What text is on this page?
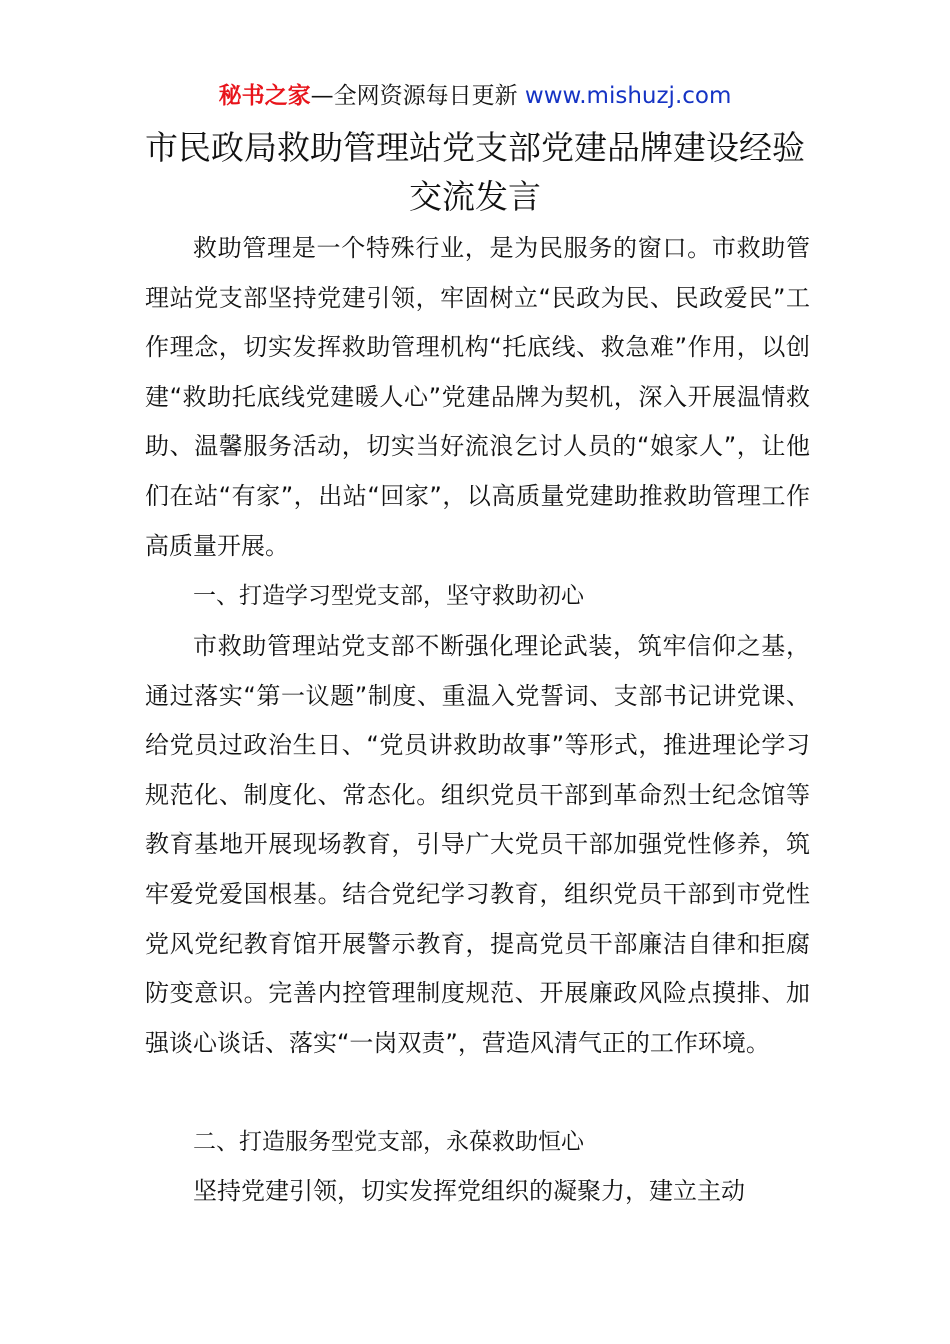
秘书之家—全网资源每日更新 www.mishuzj.com
市民政局救助管理站党支部党建品牌建设经验
交流发言

救助管理是一个特殊行业，是为民服务的窗口。市救助管理站党支部坚持党建引领，牢固树立“民政为民、民政爱民”工作理念，切实发挥救助管理机构“托底线、救急难”作用，以创建“救助托底线党建暖人心”党建品牌为契机，深入开展温情救助、温馨服务活动，切实当好流浪乞讨人员的“娘家人”，让他们在站“有家”，出站“回家”，以高质量党建助推救助管理工作高质量开展。

一、打造学习型党支部，坚守救助初心

市救助管理站党支部不断强化理论武装，筑牢信仰之基，通过落实“第一议题”制度、重温入党誓词、支部书记讲党课、给党员过政治生日、“党员讲救助故事”等形式，推进理论学习规范化、制度化、常态化。组织党员干部到革命烈士纪念馆等教育基地开展现场教育，引导广大党员干部加强党性修养，筑牢爱党爱国根基。结合党纪学习教育，组织党员干部到市党性党风党纪教育馆开展警示教育，提高党员干部廉洁自律和拒腐防变意识。完善内控管理制度规范、开展廉政风险点摸排、加强谈心谈话、落实“一岗双责”，营造风清气正的工作环境。

二、打造服务型党支部，永葆救助恒心

坚持党建引领，切实发挥党组织的凝聚力，建立主动
